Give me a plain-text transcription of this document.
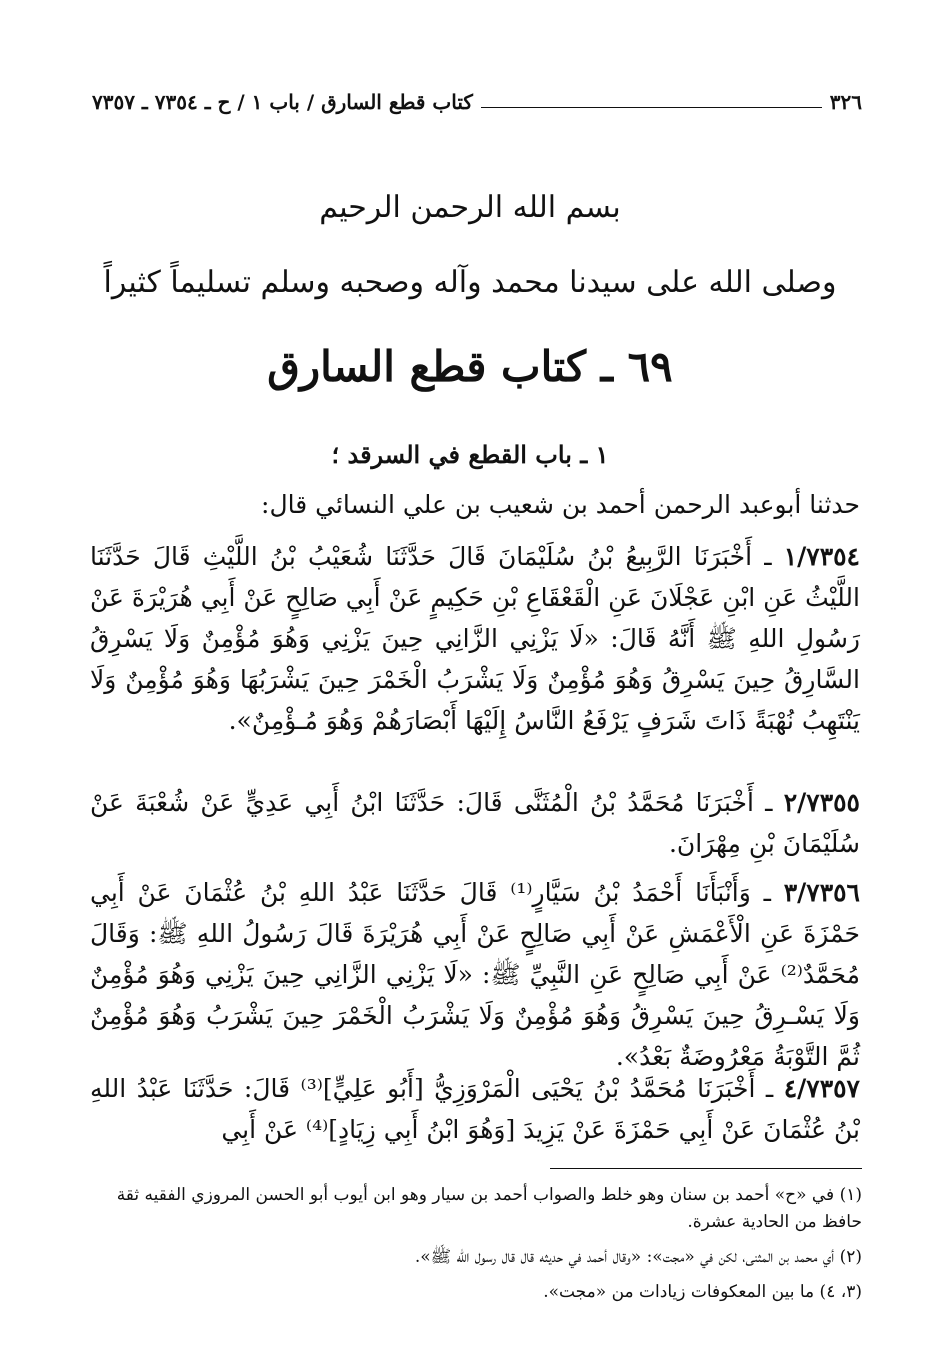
٣٢٦
كتاب قطع السارق / باب ١ / ح ـ ٧٣٥٤ ـ ٧٣٥٧
بسم الله الرحمن الرحيم
وصلى الله على سيدنا محمد وآله وصحبه وسلم تسليماً كثيراً
٦٩ ـ كتاب قطع السارق
١ ـ باب القطع في السرقد ؛
حدثنا أبوعبد الرحمن أحمد بن شعيب بن علي النسائي قال:
١/٧٣٥٤ ـ أَخْبَرَنَا الرَّبِيعُ بْنُ سُلَيْمَانَ قَالَ حَدَّثَنَا شُعَيْبُ بْنُ اللَّيْثِ قَالَ حَدَّثَنَا اللَّيْثُ عَنِ ابْنِ عَجْلَانَ عَنِ الْقَعْقَاعِ بْنِ حَكِيمٍ عَنْ أَبِي صَالِحٍ عَنْ أَبِي هُرَيْرَةَ عَنْ رَسُولِ اللهِ ﷺ أَنَّهُ قَالَ: «لَا يَزْنِي الزَّانِي حِينَ يَزْنِي وَهُوَ مُؤْمِنٌ وَلَا يَسْرِقُ السَّارِقُ حِينَ يَسْرِقُ وَهُوَ مُؤْمِنٌ وَلَا يَشْرَبُ الْخَمْرَ حِينَ يَشْرَبُهَا وَهُوَ مُؤْمِنٌ وَلَا يَنْتَهِبُ نُهْبَةً ذَاتَ شَرَفٍ يَرْفَعُ النَّاسُ إِلَيْهَا أَبْصَارَهُمْ وَهُوَ مُـؤْمِنٌ».
٢/٧٣٥٥ ـ أَخْبَرَنَا مُحَمَّدُ بْنُ الْمُثَنَّى قَالَ: حَدَّثَنَا ابْنُ أَبِي عَدِيٍّ عَنْ شُعْبَةَ عَنْ سُلَيْمَانَ بْنِ مِهْرَانَ.
٣/٧٣٥٦ ـ وَأَنْبَأَنَا أَحْمَدُ بْنُ سَيَّارٍ⁽¹⁾ قَالَ حَدَّثَنَا عَبْدُ اللهِ بْنُ عُثْمَانَ عَنْ أَبِي حَمْزَةَ عَنِ الْأَعْمَشِ عَنْ أَبِي صَالِحٍ عَنْ أَبِي هُرَيْرَةَ قَالَ رَسُولُ اللهِ ﷺ: وَقَالَ مُحَمَّدٌ⁽²⁾ عَنْ أَبِي صَالِحٍ عَنِ النَّبِيِّ ﷺ: «لَا يَزْنِي الزَّانِي حِينَ يَزْنِي وَهُوَ مُؤْمِنٌ وَلَا يَسْـرِقُ حِينَ يَسْرِقُ وَهُوَ مُؤْمِنٌ وَلَا يَشْرَبُ الْخَمْرَ حِينَ يَشْرَبُ وَهُوَ مُؤْمِنٌ ثُمَّ التَّوْبَةُ مَعْرُوضَةٌ بَعْدُ».
٤/٧٣٥٧ ـ أَخْبَرَنَا مُحَمَّدُ بْنُ يَحْيَى الْمَرْوَزِيُّ [أَبُو عَلِيٍّ]⁽³⁾ قَالَ: حَدَّثَنَا عَبْدُ اللهِ بْنُ عُثْمَانَ عَنْ أَبِي حَمْزَةَ عَنْ يَزِيدَ [وَهُوَ ابْنُ أَبِي زِيَادٍ]⁽⁴⁾ عَنْ أَبِي
(١) في «ح» أحمد بن سنان وهو خلط والصواب أحمد بن سيار وهو ابن أيوب أبو الحسن المروزي الفقيه ثقة حافظ من الحادية عشرة.
(٢) أي محمد بن المثنى، لكن في «مجت»: «وقال أحمد في حديثه قال قال رسول الله ﷺ».
(٣، ٤) ما بين المعكوفات زيادات من «مجت».
